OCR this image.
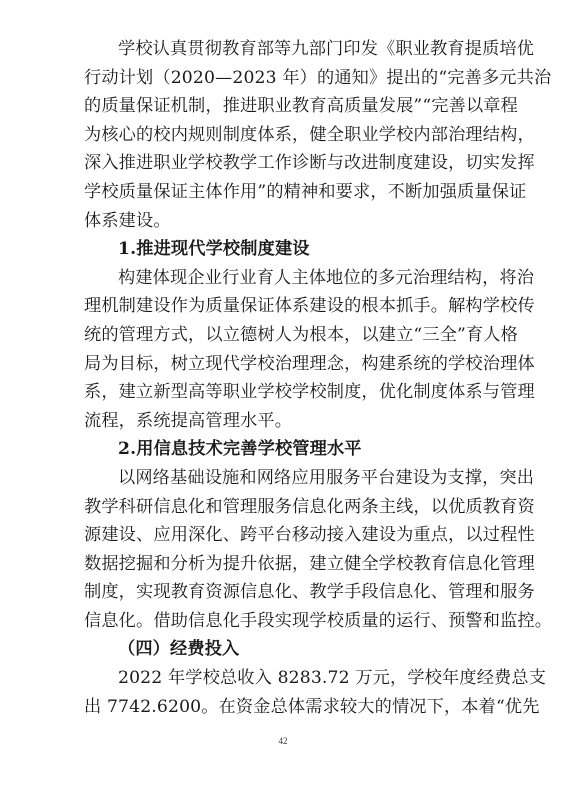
学校认真贯彻教育部等九部门印发《职业教育提质培优
行动计划（2020—2023 年）的通知》提出的“完善多元共治
的质量保证机制，推进职业教育高质量发展”“完善以章程
为核心的校内规则制度体系，健全职业学校内部治理结构，
深入推进职业学校教学工作诊断与改进制度建设，切实发挥
学校质量保证主体作用”的精神和要求，不断加强质量保证
体系建设。
1.推进现代学校制度建设
构建体现企业行业育人主体地位的多元治理结构，将治
理机制建设作为质量保证体系建设的根本抓手。解构学校传
统的管理方式，以立德树人为根本，以建立“三全”育人格
局为目标，树立现代学校治理理念，构建系统的学校治理体
系，建立新型高等职业学校学校制度，优化制度体系与管理
流程，系统提高管理水平。
2.用信息技术完善学校管理水平
以网络基础设施和网络应用服务平台建设为支撑，突出
教学科研信息化和管理服务信息化两条主线，以优质教育资
源建设、应用深化、跨平台移动接入建设为重点，以过程性
数据挖掘和分析为提升依据，建立健全学校教育信息化管理
制度，实现教育资源信息化、教学手段信息化、管理和服务
信息化。借助信息化手段实现学校质量的运行、预警和监控。
（四）经费投入
2022 年学校总收入 8283.72 万元，学校年度经费总支
出 7742.6200。在资金总体需求较大的情况下，本着“优先
42
